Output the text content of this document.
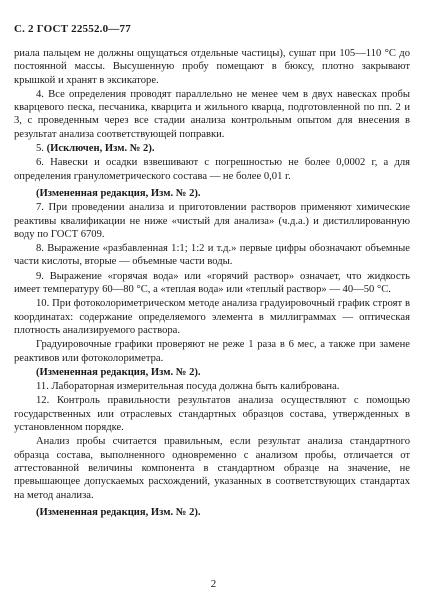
С. 2 ГОСТ 22552.0—77

риала пальцем не должны ощущаться отдельные частицы), сушат при 105—110 °С до постоянной массы. Высушенную пробу помещают в бюксу, плотно закрывают крышкой и хранят в эксикаторе.

4. Все определения проводят параллельно не менее чем в двух навесках пробы кварцевого песка, песчаника, кварцита и жильного кварца, подготовленной по пп. 2 и 3, с проведенным через все стадии анализа контрольным опытом для внесения в результат анализа соответствующей поправки.

5. (Исключен, Изм. № 2).

6. Навески и осадки взвешивают с погрешностью не более 0,0002 г, а для определения гранулометрического состава — не более 0,01 г.

(Измененная редакция, Изм. № 2).

7. При проведении анализа и приготовлении растворов применяют химические реактивы квалификации не ниже «чистый для анализа» (ч.д.а.) и дистиллированную воду по ГОСТ 6709.

8. Выражение «разбавленная 1:1; 1:2 и т.д.» первые цифры обозначают объемные части кислоты, вторые — объемные части воды.

9. Выражение «горячая вода» или «горячий раствор» означает, что жидкость имеет температуру 60—80 °С, а «теплая вода» или «теплый раствор» — 40—50 °С.

10. При фотоколориметрическом методе анализа градуировочный график строят в координатах: содержание определяемого элемента в миллиграммах — оптическая плотность анализируемого раствора.

Градуировочные графики проверяют не реже 1 раза в 6 мес, а также при замене реактивов или фотоколориметра.

(Измененная редакция, Изм. № 2).

11. Лабораторная измерительная посуда должна быть калибрована.

12. Контроль правильности результатов анализа осуществляют с помощью государственных или отраслевых стандартных образцов состава, утвержденных в установленном порядке.

Анализ пробы считается правильным, если результат анализа стандартного образца состава, выполненного одновременно с анализом пробы, отличается от аттестованной величины компонента в стандартном образце на значение, не превышающее допускаемых расхождений, указанных в соответствующих стандартах на метод анализа.

(Измененная редакция, Изм. № 2).

2
